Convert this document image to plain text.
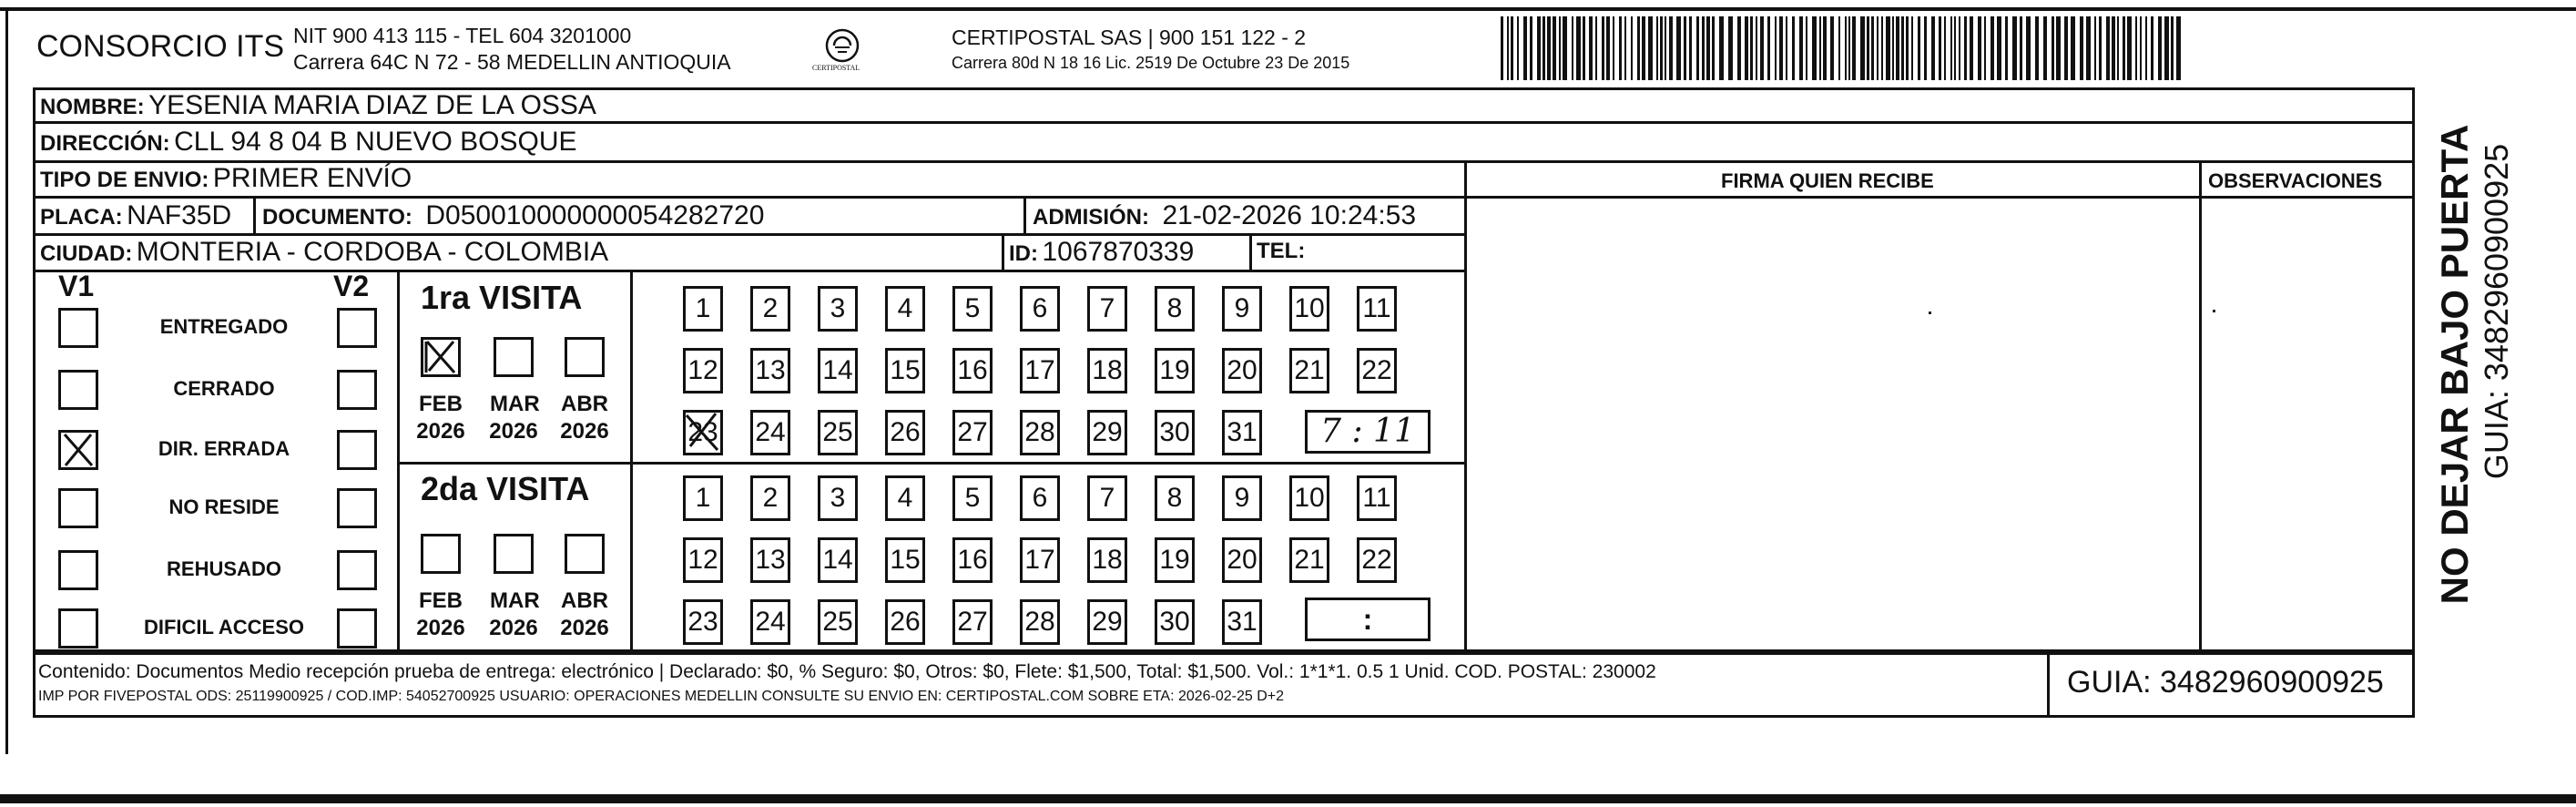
CONSORCIO ITS NIT 900 413 115 - TEL 604 3201000
Carrera 64C N 72 - 58 MEDELLIN ANTIOQUIA	CERTIPOSTAL
CERTIPOSTAL SAS | 900 151 122 - 2
Carrera 80d N 18 16 Lic. 2519 De Octubre 23 De 2015
NOMBRE: YESENIA MARIA DIAZ DE LA OSSA
DIRECCIÓN: CLL 94 8 04 B NUEVO BOSQUE
TIPO DE ENVIO: PRIMER ENVÍO	FIRMA QUIEN RECIBE	OBSERVACIONES
PLACA: NAF35D DOCUMENTO: D050010000000054282720	ADMISIÓN: 21-02-2026 10:24:53
CIUDAD: MONTERIA - CORDOBA - COLOMBIA	ID: 1067870339	TEL:
V1	V2
ENTREGADO
CERRADO
DIR. ERRADA
NO RESIDE
REHUSADO
DIFICIL ACCESO
1ra VISITA
2da VISITA
FEB
2026
MAR
2026
ABR
2026
FEB
2026
MAR
2026
ABR
2026
1	2	3	4	5	6	7	8	9	10 11
12 13 14 15 16 17 18 19 20 21 22
23 24 25 26 27 28 29 30 31
1	2	3	4	5	6	7	8	9	10 11
12 13 14 15 16 17 18 19 20 21 22
23 24 25 26 27 28 29 30 31
7 : 11
:
Contenido: Documentos Medio recepción prueba de entrega: electrónico | Declarado: $0, % Seguro: $0, Otros: $0, Flete: $1,500, Total: $1,500. Vol.: 1*1*1. 0.5 1 Unid. COD. POSTAL: 230002
IMP POR FIVEPOSTAL ODS: 25119900925 / COD.IMP: 54052700925 USUARIO: OPERACIONES MEDELLIN CONSULTE SU ENVIO EN: CERTIPOSTAL.COM SOBRE ETA: 2026-02-25 D+2	GUIA: 3482960900925
NO DEJAR BAJO PUERTA GUIA: 3482960900925
